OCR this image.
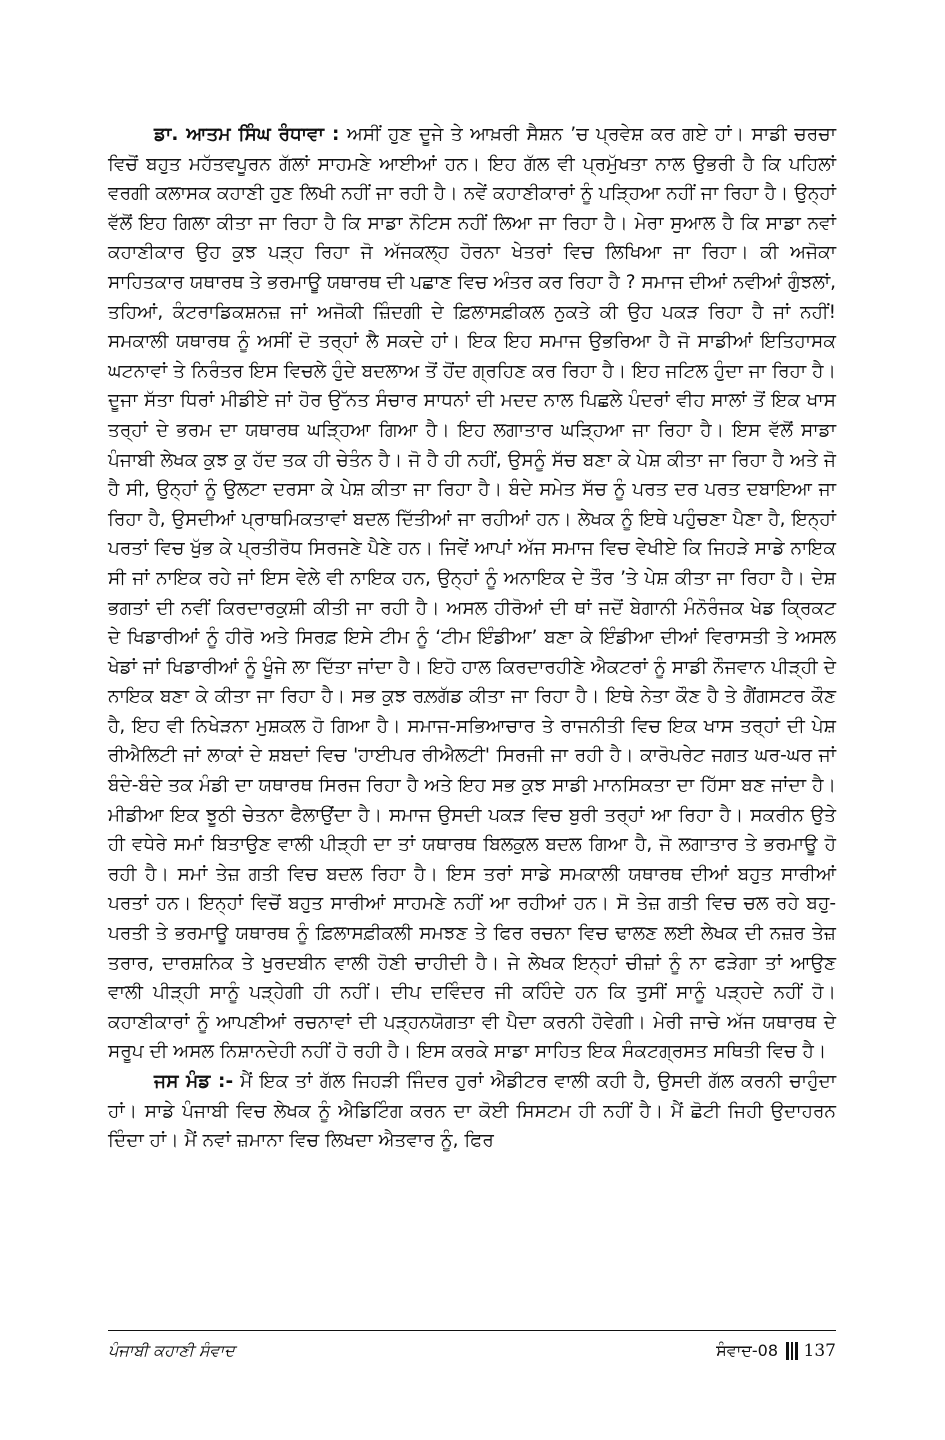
ਡਾ. ਆਤਮ ਸਿੰਘ ਰੰਧਾਵਾ : ਅਸੀਂ ਹੁਣ ਦੂਜੇ ਤੇ ਆਖ਼ਰੀ ਸੈਸ਼ਨ ’ਚ ਪ੍ਰਵੇਸ਼ ਕਰ ਗਏ ਹਾਂ। ਸਾਡੀ ਚਰਚਾ ਵਿਚੋਂ ਬਹੁਤ ਮਹੱਤਵਪੂਰਨ ਗੱਲਾਂ ਸਾਹਮਣੇ ਆਈਆਂ ਹਨ। ਇਹ ਗੱਲ ਵੀ ਪ੍ਰਮੁੱਖਤਾ ਨਾਲ ਉਭਰੀ ਹੈ ਕਿ ਪਹਿਲਾਂ ਵਰਗੀ ਕਲਾਸਕ ਕਹਾਣੀ ਹੁਣ ਲਿਖੀ ਨਹੀਂ ਜਾ ਰਹੀ ਹੈ। ਨਵੇਂ ਕਹਾਣੀਕਾਰਾਂ ਨੂੰ ਪੜ੍ਹਿਆ ਨਹੀਂ ਜਾ ਰਿਹਾ ਹੈ। ਉਨ੍ਹਾਂ ਵੱਲੋਂ ਇਹ ਗਿਲਾ ਕੀਤਾ ਜਾ ਰਿਹਾ ਹੈ ਕਿ ਸਾਡਾ ਨੋਟਿਸ ਨਹੀਂ ਲਿਆ ਜਾ ਰਿਹਾ ਹੈ। ਮੇਰਾ ਸੁਆਲ ਹੈ ਕਿ ਸਾਡਾ ਨਵਾਂ ਕਹਾਣੀਕਾਰ ਉਹ ਕੁਝ ਪੜ੍ਹ ਰਿਹਾ ਜੋ ਅੱਜਕਲ੍ਹ ਹੋਰਨਾ ਖੇਤਰਾਂ ਵਿਚ ਲਿਖਿਆ ਜਾ ਰਿਹਾ। ਕੀ ਅਜੋਕਾ ਸਾਹਿਤਕਾਰ ਯਥਾਰਥ ਤੇ ਭਰਮਾਊ ਯਥਾਰਥ ਦੀ ਪਛਾਣ ਵਿਚ ਅੰਤਰ ਕਰ ਰਿਹਾ ਹੈ ? ਸਮਾਜ ਦੀਆਂ ਨਵੀਆਂ ਗੁੰਝਲਾਂ, ਤਹਿਆਂ, ਕੰਟਰਾਡਿਕਸ਼ਨਜ਼ ਜਾਂ ਅਜੋਕੀ ਜ਼ਿੰਦਗੀ ਦੇ ਫ਼ਿਲਾਸਫ਼ੀਕਲ ਨੁਕਤੇ ਕੀ ਉਹ ਪਕੜ ਰਿਹਾ ਹੈ ਜਾਂ ਨਹੀਂ! ਸਮਕਾਲੀ ਯਥਾਰਥ ਨੂੰ ਅਸੀਂ ਦੋ ਤਰ੍ਹਾਂ ਲੈ ਸਕਦੇ ਹਾਂ। ਇਕ ਇਹ ਸਮਾਜ ਉਭਰਿਆ ਹੈ ਜੋ ਸਾਡੀਆਂ ਇਤਿਹਾਸਕ ਘਟਨਾਵਾਂ ਤੇ ਨਿਰੰਤਰ ਇਸ ਵਿਚਲੇ ਹੁੰਦੇ ਬਦਲਾਅ ਤੋਂ ਹੋਂਦ ਗ੍ਰਹਿਣ ਕਰ ਰਿਹਾ ਹੈ। ਇਹ ਜਟਿਲ ਹੁੰਦਾ ਜਾ ਰਿਹਾ ਹੈ। ਦੂਜਾ ਸੱਤਾ ਧਿਰਾਂ ਮੀਡੀਏ ਜਾਂ ਹੋਰ ਉੱਨਤ ਸੰਚਾਰ ਸਾਧਨਾਂ ਦੀ ਮਦਦ ਨਾਲ ਪਿਛਲੇ ਪੰਦਰਾਂ ਵੀਹ ਸਾਲਾਂ ਤੋਂ ਇਕ ਖਾਸ ਤਰ੍ਹਾਂ ਦੇ ਭਰਮ ਦਾ ਯਥਾਰਥ ਘੜ੍ਹਿਆ ਗਿਆ ਹੈ। ਇਹ ਲਗਾਤਾਰ ਘੜ੍ਹਿਆ ਜਾ ਰਿਹਾ ਹੈ। ਇਸ ਵੱਲੋਂ ਸਾਡਾ ਪੰਜਾਬੀ ਲੇਖਕ ਕੁਝ ਕੁ ਹੱਦ ਤਕ ਹੀ ਚੇਤੰਨ ਹੈ। ਜੋ ਹੈ ਹੀ ਨਹੀਂ, ਉਸਨੂੰ ਸੱਚ ਬਣਾ ਕੇ ਪੇਸ਼ ਕੀਤਾ ਜਾ ਰਿਹਾ ਹੈ ਅਤੇ ਜੋ ਹੈ ਸੀ, ਉਨ੍ਹਾਂ ਨੂੰ ਉਲਟਾ ਦਰਸਾ ਕੇ ਪੇਸ਼ ਕੀਤਾ ਜਾ ਰਿਹਾ ਹੈ। ਬੰਦੇ ਸਮੇਤ ਸੱਚ ਨੂੰ ਪਰਤ ਦਰ ਪਰਤ ਦਬਾਇਆ ਜਾ ਰਿਹਾ ਹੈ, ਉਸਦੀਆਂ ਪ੍ਰਾਥਮਿਕਤਾਵਾਂ ਬਦਲ ਦਿੱਤੀਆਂ ਜਾ ਰਹੀਆਂ ਹਨ। ਲੇਖਕ ਨੂੰ ਇਥੇ ਪਹੁੰਚਣਾ ਪੈਣਾ ਹੈ, ਇਨ੍ਹਾਂ ਪਰਤਾਂ ਵਿਚ ਖੁੱਭ ਕੇ ਪ੍ਰਤੀਰੋਧ ਸਿਰਜਣੇ ਪੈਣੇ ਹਨ। ਜਿਵੇਂ ਆਪਾਂ ਅੱਜ ਸਮਾਜ ਵਿਚ ਵੇਖੀਏ ਕਿ ਜਿਹੜੇ ਸਾਡੇ ਨਾਇਕ ਸੀ ਜਾਂ ਨਾਇਕ ਰਹੇ ਜਾਂ ਇਸ ਵੇਲੇ ਵੀ ਨਾਇਕ ਹਨ, ਉਨ੍ਹਾਂ ਨੂੰ ਅਨਾਇਕ ਦੇ ਤੌਰ ’ਤੇ ਪੇਸ਼ ਕੀਤਾ ਜਾ ਰਿਹਾ ਹੈ। ਦੇਸ਼ ਭਗਤਾਂ ਦੀ ਨਵੀਂ ਕਿਰਦਾਰਕੁਸ਼ੀ ਕੀਤੀ ਜਾ ਰਹੀ ਹੈ। ਅਸਲ ਹੀਰੋਆਂ ਦੀ ਥਾਂ ਜਦੋਂ ਬੇਗਾਨੀ ਮੰਨੋਰੰਜਕ ਖੇਡ ਕ੍ਰਿਕਟ ਦੇ ਖਿਡਾਰੀਆਂ ਨੂੰ ਹੀਰੋ ਅਤੇ ਸਿਰਫ਼ ਇਸੇ ਟੀਮ ਨੂੰ ‘ਟੀਮ ਇੰਡੀਆ’ ਬਣਾ ਕੇ ਇੰਡੀਆ ਦੀਆਂ ਵਿਰਾਸਤੀ ਤੇ ਅਸਲ ਖੇਡਾਂ ਜਾਂ ਖਿਡਾਰੀਆਂ ਨੂੰ ਖੂੰਜੇ ਲਾ ਦਿੱਤਾ ਜਾਂਦਾ ਹੈ। ਇਹੋ ਹਾਲ ਕਿਰਦਾਰਹੀਣੇ ਐਕਟਰਾਂ ਨੂੰ ਸਾਡੀ ਨੌਜਵਾਨ ਪੀੜ੍ਹੀ ਦੇ ਨਾਇਕ ਬਣਾ ਕੇ ਕੀਤਾ ਜਾ ਰਿਹਾ ਹੈ। ਸਭ ਕੁਝ ਰਲ਼ਗੱਡ ਕੀਤਾ ਜਾ ਰਿਹਾ ਹੈ। ਇਥੇ ਨੇਤਾ ਕੌਣ ਹੈ ਤੇ ਗੈਂਗਸਟਰ ਕੌਣ ਹੈ, ਇਹ ਵੀ ਨਿਖੇੜਨਾ ਮੁਸ਼ਕਲ ਹੋ ਗਿਆ ਹੈ। ਸਮਾਜ-ਸਭਿਆਚਾਰ ਤੇ ਰਾਜਨੀਤੀ ਵਿਚ ਇਕ ਖਾਸ ਤਰ੍ਹਾਂ ਦੀ ਪੇਸ਼ ਰੀਐਲਿਟੀ ਜਾਂ ਲਾਕਾਂ ਦੇ ਸ਼ਬਦਾਂ ਵਿਚ 'ਹਾਈਪਰ ਰੀਐਲਟੀ' ਸਿਰਜੀ ਜਾ ਰਹੀ ਹੈ। ਕਾਰੋਪਰੇਟ ਜਗਤ ਘਰ-ਘਰ ਜਾਂ ਬੰਦੇ-ਬੰਦੇ ਤਕ ਮੰਡੀ ਦਾ ਯਥਾਰਥ ਸਿਰਜ ਰਿਹਾ ਹੈ ਅਤੇ ਇਹ ਸਭ ਕੁਝ ਸਾਡੀ ਮਾਨਸਿਕਤਾ ਦਾ ਹਿੱਸਾ ਬਣ ਜਾਂਦਾ ਹੈ। ਮੀਡੀਆ ਇਕ ਝੂਠੀ ਚੇਤਨਾ ਫੈਲਾਉਂਦਾ ਹੈ। ਸਮਾਜ ਉਸਦੀ ਪਕੜ ਵਿਚ ਬੁਰੀ ਤਰ੍ਹਾਂ ਆ ਰਿਹਾ ਹੈ। ਸਕਰੀਨ ਉਤੇ ਹੀ ਵਧੇਰੇ ਸਮਾਂ ਬਿਤਾਉਣ ਵਾਲੀ ਪੀੜ੍ਹੀ ਦਾ ਤਾਂ ਯਥਾਰਥ ਬਿਲਕੁਲ ਬਦਲ ਗਿਆ ਹੈ, ਜੋ ਲਗਾਤਾਰ ਤੇ ਭਰਮਾਊ ਹੋ ਰਹੀ ਹੈ। ਸਮਾਂ ਤੇਜ਼ ਗਤੀ ਵਿਚ ਬਦਲ ਰਿਹਾ ਹੈ। ਇਸ ਤਰਾਂ ਸਾਡੇ ਸਮਕਾਲੀ ਯਥਾਰਥ ਦੀਆਂ ਬਹੁਤ ਸਾਰੀਆਂ ਪਰਤਾਂ ਹਨ। ਇਨ੍ਹਾਂ ਵਿਚੋਂ ਬਹੁਤ ਸਾਰੀਆਂ ਸਾਹਮਣੇ ਨਹੀਂ ਆ ਰਹੀਆਂ ਹਨ। ਸੋ ਤੇਜ਼ ਗਤੀ ਵਿਚ ਚਲ ਰਹੇ ਬਹੁ-ਪਰਤੀ ਤੇ ਭਰਮਾਊ ਯਥਾਰਥ ਨੂੰ ਫ਼ਿਲਾਸਫ਼ੀਕਲੀ ਸਮਝਣ ਤੇ ਫਿਰ ਰਚਨਾ ਵਿਚ ਢਾਲਣ ਲਈ ਲੇਖਕ ਦੀ ਨਜ਼ਰ ਤੇਜ਼ ਤਰਾਰ, ਦਾਰਸ਼ਨਿਕ ਤੇ ਖੁਰਦਬੀਨ ਵਾਲੀ ਹੋਣੀ ਚਾਹੀਦੀ ਹੈ। ਜੇ ਲੇਖਕ ਇਨ੍ਹਾਂ ਚੀਜ਼ਾਂ ਨੂੰ ਨਾ ਫੜੇਗਾ ਤਾਂ ਆਉਣ ਵਾਲੀ ਪੀੜ੍ਹੀ ਸਾਨੂੰ ਪੜ੍ਹੇਗੀ ਹੀ ਨਹੀਂ। ਦੀਪ ਦਵਿੰਦਰ ਜੀ ਕਹਿੰਦੇ ਹਨ ਕਿ ਤੁਸੀਂ ਸਾਨੂੰ ਪੜ੍ਹਦੇ ਨਹੀਂ ਹੋ। ਕਹਾਣੀਕਾਰਾਂ ਨੂੰ ਆਪਣੀਆਂ ਰਚਨਾਵਾਂ ਦੀ ਪੜ੍ਹਨਯੋਗਤਾ ਵੀ ਪੈਦਾ ਕਰਨੀ ਹੋਵੇਗੀ। ਮੇਰੀ ਜਾਚੇ ਅੱਜ ਯਥਾਰਥ ਦੇ ਸਰੂਪ ਦੀ ਅਸਲ ਨਿਸ਼ਾਨਦੇਹੀ ਨਹੀਂ ਹੋ ਰਹੀ ਹੈ। ਇਸ ਕਰਕੇ ਸਾਡਾ ਸਾਹਿਤ ਇਕ ਸੰਕਟਗ੍ਰਸਤ ਸਥਿਤੀ ਵਿਚ ਹੈ।

ਜਸ ਮੰਡ :- ਮੈਂ ਇਕ ਤਾਂ ਗੱਲ ਜਿਹੜੀ ਜਿੰਦਰ ਹੁਰਾਂ ਐਡੀਟਰ ਵਾਲੀ ਕਹੀ ਹੈ, ਉਸਦੀ ਗੱਲ ਕਰਨੀ ਚਾਹੁੰਦਾ ਹਾਂ। ਸਾਡੇ ਪੰਜਾਬੀ ਵਿਚ ਲੇਖਕ ਨੂੰ ਐਡਿਟਿੰਗ ਕਰਨ ਦਾ ਕੋਈ ਸਿਸਟਮ ਹੀ ਨਹੀਂ ਹੈ। ਮੈਂ ਛੋਟੀ ਜਿਹੀ ਉਦਾਹਰਨ ਦਿੰਦਾ ਹਾਂ। ਮੈਂ ਨਵਾਂ ਜ਼ਮਾਨਾ ਵਿਚ ਲਿਖਦਾ ਐਤਵਾਰ ਨੂੰ, ਫਿਰ

ਪੰਜਾਬੀ ਕਹਾਣੀ ਸੰਵਾਦ	ਸੰਵਾਦ-08 137
